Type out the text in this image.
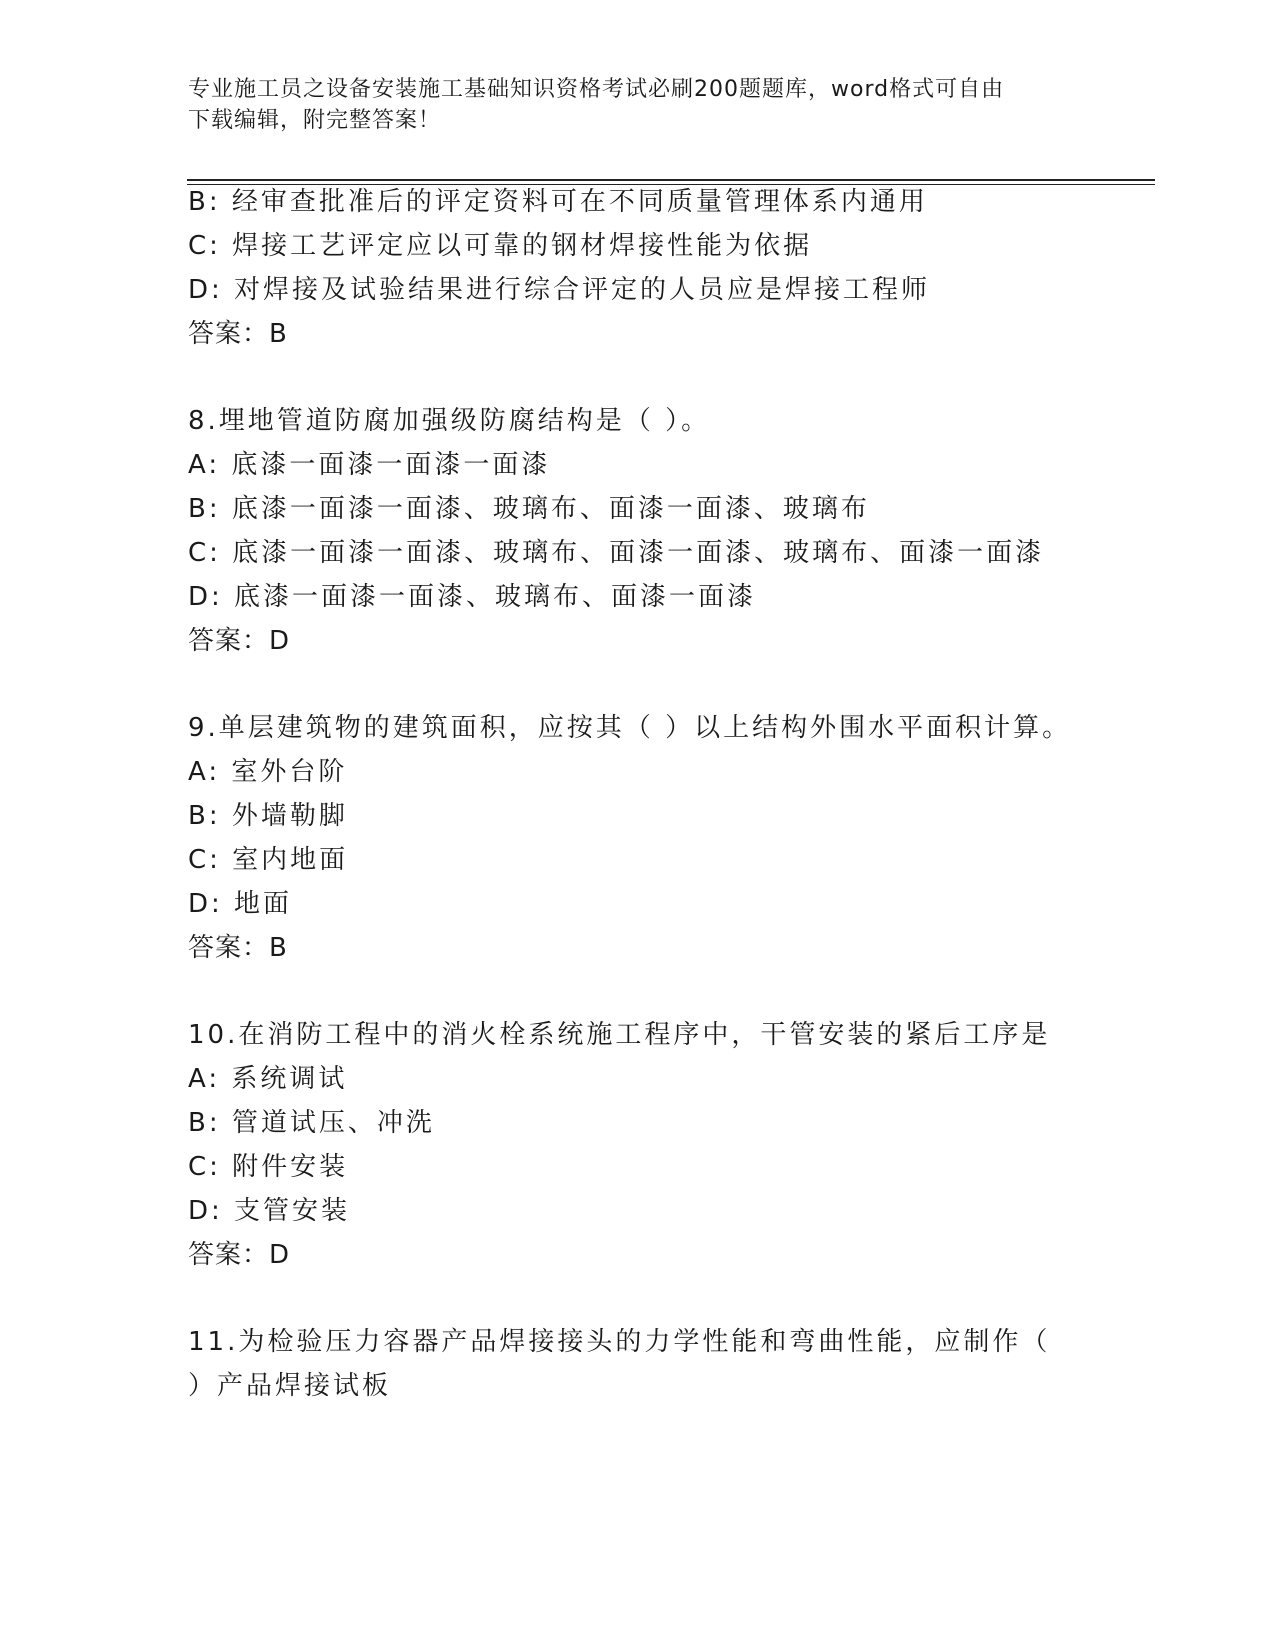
专业施工员之设备安装施工基础知识资格考试必刷200题题库，word格式可自由
下载编辑，附完整答案！
B: 经审查批准后的评定资料可在不同质量管理体系内通用
C: 焊接工艺评定应以可靠的钢材焊接性能为依据
D: 对焊接及试验结果进行综合评定的人员应是焊接工程师
答案：B
8.埋地管道防腐加强级防腐结构是（ ）。
A: 底漆一面漆一面漆一面漆
B: 底漆一面漆一面漆、玻璃布、面漆一面漆、玻璃布
C: 底漆一面漆一面漆、玻璃布、面漆一面漆、玻璃布、面漆一面漆
D: 底漆一面漆一面漆、玻璃布、面漆一面漆
答案：D
9.单层建筑物的建筑面积，应按其（ ）以上结构外围水平面积计算。
A: 室外台阶
B: 外墙勒脚
C: 室内地面
D: 地面
答案：B
10.在消防工程中的消火栓系统施工程序中，干管安装的紧后工序是
A: 系统调试
B: 管道试压、冲洗
C: 附件安装
D: 支管安装
答案：D
11.为检验压力容器产品焊接接头的力学性能和弯曲性能，应制作（
）产品焊接试板
